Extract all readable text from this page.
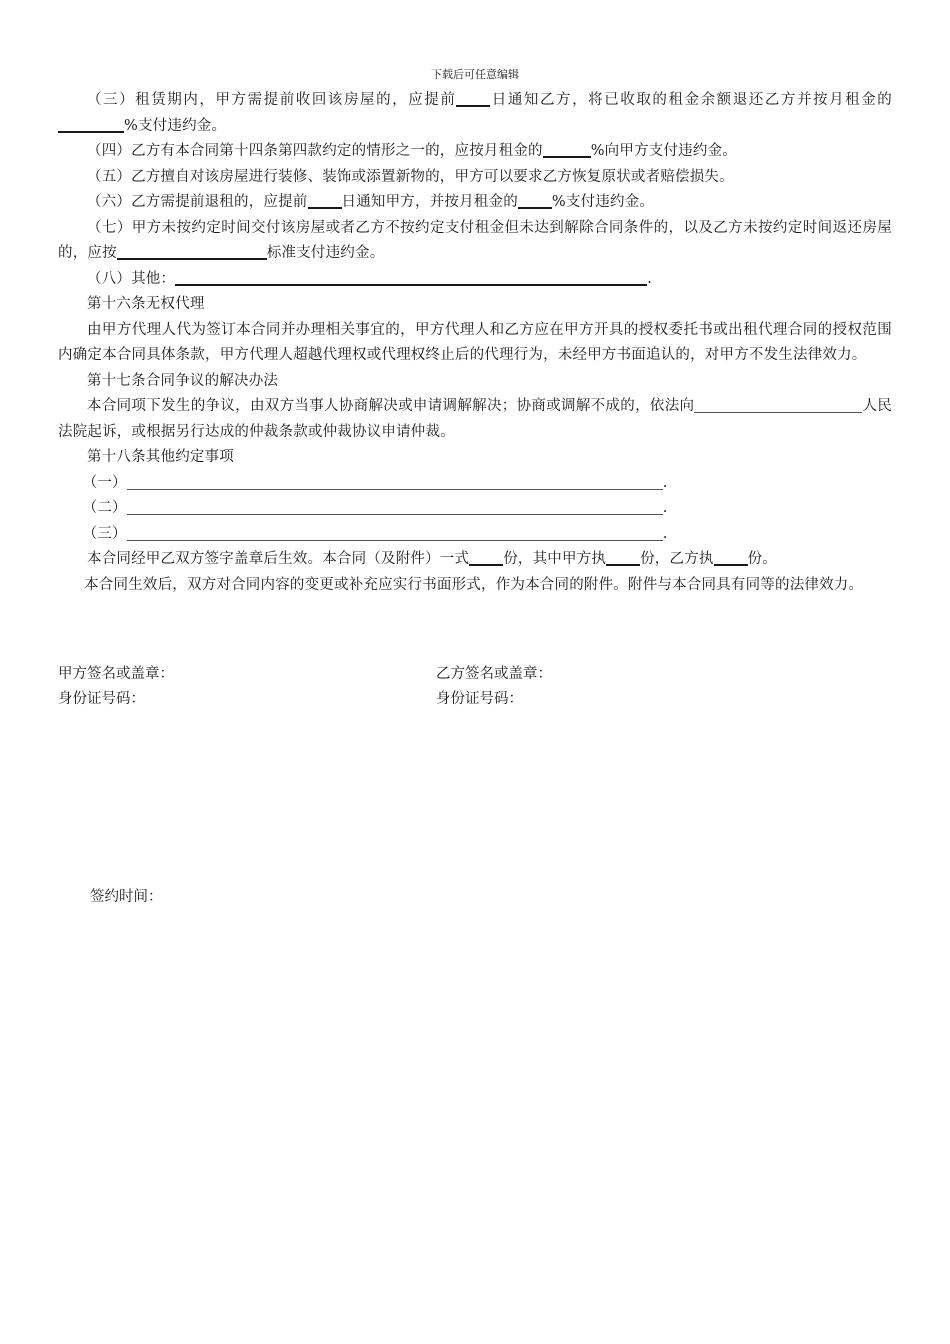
下载后可任意编辑

（三）租赁期内，甲方需提前收回该房屋的，应提前 日通知乙方，将已收取的租金余额退还乙方并按月租金的%支付违约金。

（四）乙方有本合同第十四条第四款约定的情形之一的，应按月租金的	%向甲方支付违约金。

（五）乙方擅自对该房屋进行装修、装饰或添置新物的，甲方可以要求乙方恢复原状或者赔偿损失。

（六）乙方需提前退租的，应提前 日通知甲方，并按月租金的 %支付违约金。

（七）甲方未按约定时间交付该房屋或者乙方不按约定支付租金但未达到解除合同条件的，以及乙方未按约定时间返还房屋的，应按	标准支付违约金。

（八）其他：	.

第十六条无权代理

由甲方代理人代为签订本合同并办理相关事宜的，甲方代理人和乙方应在甲方开具的授权委托书或出租代理合同的授权范围内确定本合同具体条款，甲方代理人超越代理权或代理权终止后的代理行为，未经甲方书面追认的，对甲方不发生法律效力。

第十七条合同争议的解决办法

本合同项下发生的争议，由双方当事人协商解决或申请调解解决；协商或调解不成的，依法向	人民法院起诉，或根据另行达成的仲裁条款或仲裁协议申请仲裁。

第十八条其他约定事项

（一）	.

（二）	.

（三）	.

本合同经甲乙双方签字盖章后生效。本合同（及附件）一式 份，其中甲方执 份，乙方执 份。

本合同生效后，双方对合同内容的变更或补充应实行书面形式，作为本合同的附件。附件与本合同具有同等的法律效力。

甲方签名或盖章：	乙方签名或盖章：
身份证号码：	身份证号码：
签约时间：
